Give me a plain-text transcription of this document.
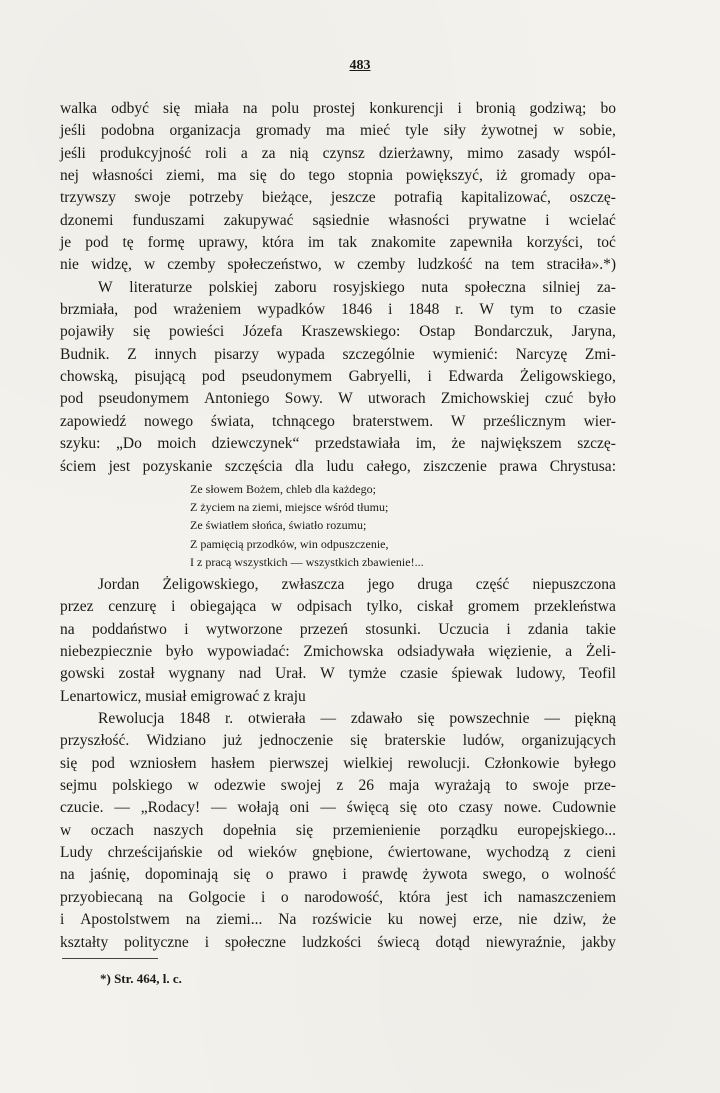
483
walka odbyć się miała na polu prostej konkurencji i bronią godziwą; bo
jeśli podobna organizacja gromady ma mieć tyle siły żywotnej w sobie,
jeśli produkcyjność roli a za nią czynsz dzierżawny, mimo zasady wspól-
nej własności ziemi, ma się do tego stopnia powiększyć, iż gromady opa-
trzywszy swoje potrzeby bieżące, jeszcze potrafią kapitalizować, oszczę-
dzonemi funduszami zakupywać sąsiednie własności prywatne i wcielać
je pod tę formę uprawy, która im tak znakomite zapewniła korzyści, toć
nie widzę, w czemby społeczeństwo, w czemby ludzkość na tem straciła».*)
W literaturze polskiej zaboru rosyjskiego nuta społeczna silniej za-
brzmiała, pod wrażeniem wypadków 1846 i 1848 r. W tym to czasie
pojawiły się powieści Józefa Kraszewskiego: Ostap Bondarczuk, Jaryna,
Budnik. Z innych pisarzy wypada szczególnie wymienić: Narcyzę Zmi-
chowską, pisującą pod pseudonymem Gabryelli, i Edwarda Żeligowskiego,
pod pseudonymem Antoniego Sowy. W utworach Zmichowskiej czuć było
zapowiedź nowego świata, tchnącego braterstwem. W prześlicznym wier-
szyku: „Do moich dziewczynek“ przedstawiała im, że największem szczę-
ściem jest pozyskanie szczęścia dla ludu całego, ziszczenie prawa Chrystusa:
Ze słowem Bożem, chleb dla każdego;
Z życiem na ziemi, miejsce wśród tłumu;
Ze światłem słońca, światło rozumu;
Z pamięcią przodków, win odpuszczenie,
I z pracą wszystkich — wszystkich zbawienie!...
Jordan Żeligowskiego, zwłaszcza jego druga część niepuszczona
przez cenzurę i obiegająca w odpisach tylko, ciskał gromem przekleństwa
na poddaństwo i wytworzone przezeń stosunki. Uczucia i zdania takie
niebezpiecznie było wypowiadać: Zmichowska odsiadywała więzienie, a Żeli-
gowski został wygnany nad Urał. W tymże czasie śpiewak ludowy, Teofil
Lenartowicz, musiał emigrować z kraju
Rewolucja 1848 r. otwierała — zdawało się powszechnie — piękną
przyszłość. Widziano już jednoczenie się braterskie ludów, organizujących
się pod wzniosłem hasłem pierwszej wielkiej rewolucji. Członkowie byłego
sejmu polskiego w odezwie swojej z 26 maja wyrażają to swoje prze-
czucie. — „Rodacy! — wołają oni — święcą się oto czasy nowe. Cudownie
w oczach naszych dopełnia się przemienienie porządku europejskiego...
Ludy chrześcijańskie od wieków gnębione, ćwiertowane, wychodzą z cieni
na jaśnię, dopominają się o prawo i prawdę żywota swego, o wolność
przyobiecaną na Golgocie i o narodowość, która jest ich namaszczeniem
i Apostolstwem na ziemi... Na rozświcie ku nowej erze, nie dziw, że
kształty polityczne i społeczne ludzkości świecą dotąd niewyraźnie, jakby
*) Str. 464, l. c.
